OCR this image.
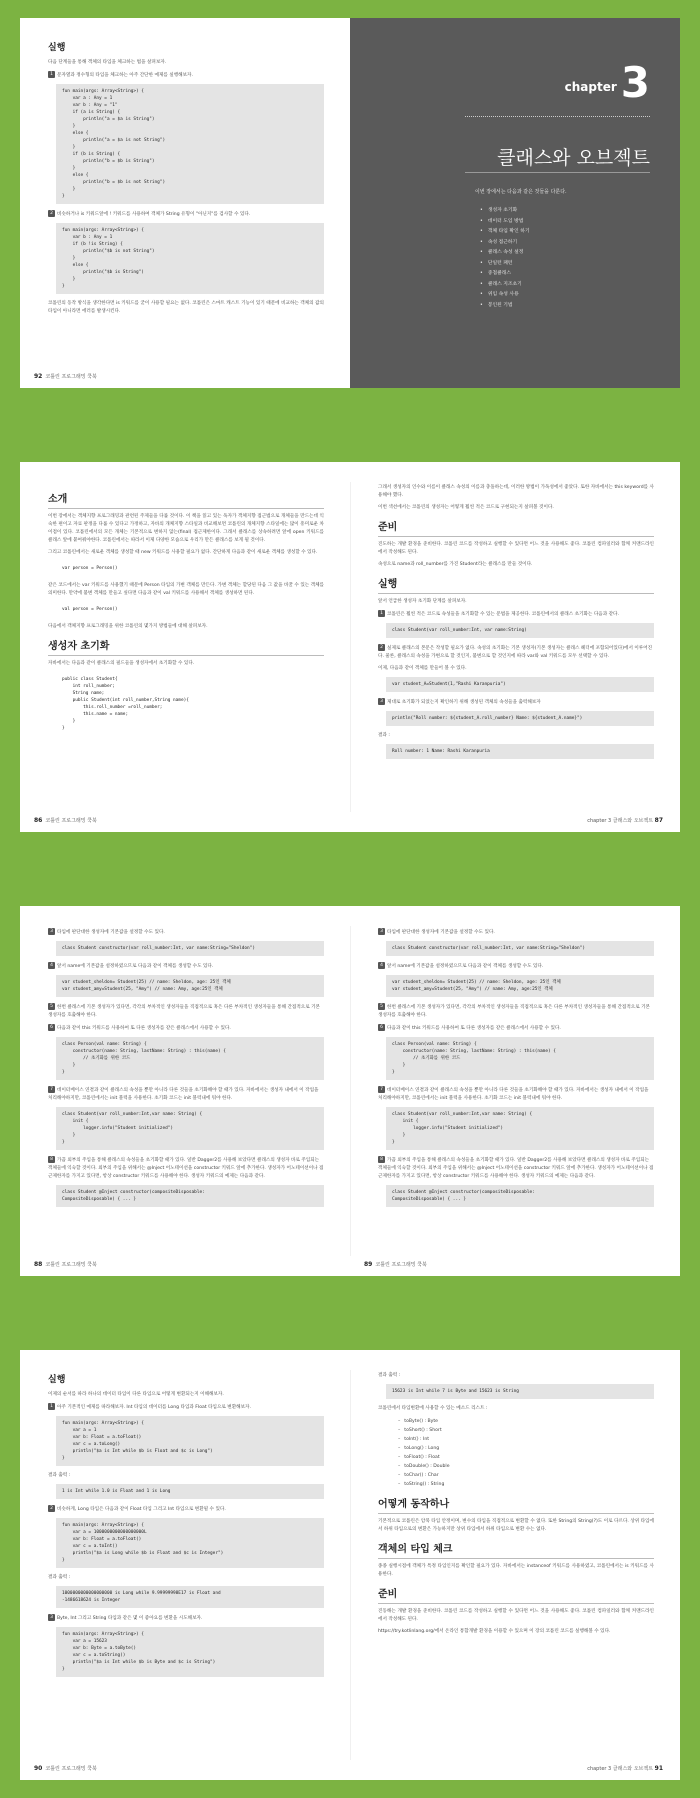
실행

다음 단계들을 통해 객체의 타입을 체크하는 법을 살펴보자.

1 문자열과 정수형의 타입을 체크하는 아주 간단한 예제를 실행해보자.
fun main(args: Array<String>) {
var a : Any = 1
var b : Any = "1"
if (a is String) {
println("a = $a is String")
}
else {
println("a = $a is not String")
}
if (b is String) {
println("b = $b is String")
}
else {
println("b = $b is not String")
}
}
2 비슷하거나 is 키워드앞에 ! 키워드를 사용하여 객체가 String 유형이 "아닌지"를 검사할 수 있다.
fun main(args: Array<String>) {
var b : Any = 1
if (b !is String) {
println("$b is not String")
}
else {
println("$b is String")
}
}

코틀린의 동작 방식을 생각한다면 is 키워드를 굳이 사용할 필요는 없다. 코틀린은 스마트 캐스트 기능이 있기 때문에 비교하는 객체의 값의 타입이 아니라면 에러를 발생시킨다.

92 코틀린 프로그래밍 쿡북
chapter3
클래스와 오브젝트
이번 장에서는 다음과 같은 것들을 다룬다.
• 생성자 초기화
• 데이터 도입 방법
• 객체 타입 확인 하기
• 속성 접근하기
• 클래스 속성 설정
• 단일턴 패턴
• 중첩클래스
• 클래스 지조초기
• 위임 속성 사용
• 봉인된 기법
소개

이번 장에서는 객체지향 프로그래밍과 관련된 주제들을 다룰 것이다. 이 책을 읽고 있는 독자가 객체지향 접근법으로 개체들을 만드는데 익숙한 편이고 자료 판정을 다룰 수 있다고 가정하고, 자바의 개체지향 스타일과 비교해보면 코틀린의 개체지향 스타일에는 많이 흥미로운 차이점이 있다. 코틀린에서의 모든 개체는 기본적으로 변하지 않는(final) 접근제한이다. 그래서 클래스를 상속하려면 앞에 open 키워드를 클래스 앞에 붙여줘야한다. 코틀린에서는 따라서 이제 다양한 모습으로 우리가 만든 클래스를 보게 될 것이다.

그리고 코틀린에서는 새로운 객체를 생성할 때 new 키워드를 사용할 필요가 없다. 간단하게 다음과 같이 새로운 객체를 생성할 수 있다.

var person = Person()

같은 코드에서는 var 키워드를 사용했기 때문에 Person 타입의 가변 객체를 만든다. 가변 객체는 할당된 다음 그 값을 바꿀 수 있는 객체를 의미한다. 만약에 불변 객체를 만들고 싶다면 다음과 같이 val 키워드를 사용해서 객체를 생성하면 된다.

val person = Person()

다음에서 객체지향 프로그래밍을 위한 코틀린의 몇가지 방법들에 대해 살펴보자.

생성자 초기화

자바에서는 다음과 같이 클래스의 필드들을 생성자에서 초기화할 수 있다.

public class Student{
int roll_number;
String name;
public Student(int roll_number,String name){
this.roll_number =roll_number;
this.name = name;
}
}
86 코틀린 프로그래밍 쿡북

그래서 생성자의 인수와 이름이 클래스 속성의 이름과 충돌하는데, 이러한 방법이 가독성에서 좋았다. 또한 자바에서는 this keyword를 사용해야 했다.

이번 섹션에서는 코틀린의 생성자는 어떻게 훨씬 적은 코드로 구현되는지 살펴볼 것이다.

준비

진도하는 개발 환경을 준비한다. 코틀린 코드를 작성하고 실행할 수 있다면 어느 것을 사용해도 좋다. 코틀린 컴파일러와 함께 커맨드라인에서 작성해도 된다.

속성으로 name과 roll_number를 가진 Student라는 클래스를 만들 것이다.

실행

앞서 언급한 생성자 초기화 단계를 살펴보자.

1 코틀린은 훨씬 적은 코드로 속성들을 초기화할 수 있는 문법을 제공한다. 코틀린에서의 클래스 초기화는 다음과 같다.
class Student(var roll_number:Int, var name:String)
2 실제로 클래스의 본문은 작성할 필요가 없다. 속성의 초기화는 기본 생성자(기본 생성자는 클래스 헤더에 포함되어있다)에서 이루어진다. 물론, 클래스의 속성을 가변으로 할 것인지, 불변으로 할 것인지에 따라 var와 val 키워드를 모두 선택할 수 있다.

이제, 다음과 같이 객체를 만들어 볼 수 있다.

var student_A=Student(1,"Rashi Karanpuria")
3 제대로 초기화가 되었는지 확인하기 위해 생성된 객체의 속성들을 출력해보자
println("Roll number: ${student_A.roll_number} Name: ${student_A.name}")

결과 :

Roll number: 1 Name: Rashi Karanpuria
chapter 3 클래스와 오브젝트 87
3 타입에 판단대한 생성자에 기본값을 설정할 수도 있다.
class Student constructor(var roll_number:Int, var name:String="Sheldon")
4 앞서 name에 기본값을 설정하였으므로 다음과 같이 객체를 생성할 수도 있다.
var student_sheldon= Student(25) // name: Sheldon, age: 25인 객체
var student_amy=Student(25, "Amy") // name: Amy, age:25인 객체
5 한번 클래스에 기본 생성자가 있다면, 각각의 부차적인 생성자들을 직접적으로 혹은 다른 부차적인 생성자들을 통해 간접적으로 기본 생성자를 호출해야 한다.
6 다음과 같이 this 키워드를 사용하여 또 다른 생성자를 같은 클래스에서 사용할 수 있다.
class Person(val name: String) {
constructor(name: String, lastName: String) : this(name) {
// 초기화를 위한 코드
}
}
7 데이터베이스 연결과 같이 클래스의 속성을 뿐만 아니라 다른 것들을 초기화해야 할 때가 있다. 자바에서는 생성자 내에서 이 작업을 처리해야하지만, 코틀린에서는 init 블럭을 사용한다. 초기화 코드는 init 블럭내에 둬야 한다.
class Student(var roll_number:Int,var name: String) {
init {
logger.info("Student initialized")
}
}
8 가끔 외부의 주입을 통해 클래스의 속성들을 초기화할 때가 있다. 일반 Dagger2를 사용해 보았다면 클래스의 생성자 바로 주입되는 객체들에 익숙할 것이다. 외부의 주입을 위해서는 @Inject 어노테이션을 constructor 키워드 앞에 추가한다. 생성자가 어노테이션이나 접근제한자를 가지고 있다면, 항상 constructor 키워드를 사용해야 한다. 생성자 키워드의 예제는 다음과 같다.
class Student @Inject constructor(compositeDisposable:
CompositeDisposable) { ... }
88 코틀린 프로그래밍 쿡북
3 타입에 판단대한 생성자에 기본값을 설정할 수도 있다.
class Student constructor(var roll_number:Int, var name:String="Sheldon")
4 앞서 name에 기본값을 설정하였으므로 다음과 같이 객체를 생성할 수도 있다.
var student_sheldon= Student(25) // name: Sheldon, age: 25인 객체
var student_amy=Student(25, "Amy") // name: Amy, age:25인 객체
5 한번 클래스에 기본 생성자가 있다면, 각각의 부차적인 생성자들을 직접적으로 혹은 다른 부차적인 생성자들을 통해 간접적으로 기본 생성자를 호출해야 한다.
6 다음과 같이 this 키워드를 사용하여 또 다른 생성자를 같은 클래스에서 사용할 수 있다.
class Person(val name: String) {
constructor(name: String, lastName: String) : this(name) {
// 초기화를 위한 코드
}
}
7 데이터베이스 연결과 같이 클래스의 속성을 뿐만 아니라 다른 것들을 초기화해야 할 때가 있다. 자바에서는 생성자 내에서 이 작업을 처리해야하지만, 코틀린에서는 init 블럭을 사용한다. 초기화 코드는 init 블럭내에 둬야 한다.
class Student(var roll_number:Int,var name: String) {
init {
logger.info("Student initialized")
}
}
8 가끔 외부의 주입을 통해 클래스의 속성들을 초기화할 때가 있다. 일반 Dagger2를 사용해 보았다면 클래스의 생성자 바로 주입되는 객체들에 익숙할 것이다. 외부의 주입을 위해서는 @Inject 어노테이션을 constructor 키워드 앞에 추가한다. 생성자가 어노테이션이나 접근제한자를 가지고 있다면, 항상 constructor 키워드를 사용해야 한다. 생성자 키워드의 예제는 다음과 같다.
class Student @Inject constructor(compositeDisposable:
CompositeDisposable) { ... }
89 코틀린 프로그래밍 쿡북
실행

이제의 순서를 따라 하나의 데이터 타입이 다른 타입으로 어떻게 변환되는지 이해해보자.

1 아주 기본적인 예제를 따라해보자. Int 타입의 데이터를 Long 타입과 Float 타입으로 변환해보자.
fun main(args: Array<String>) {
var a = 1
var b: Float = a.toFloat()
var c = a.toLong()
println("$a is Int while $b is Float and $c is Long")
}

결과 출력 :

1 is Int while 1.0 is Float and 1 is Long
2 비슷하게, Long 타입은 다음과 같이 Float 타입 그리고 Int 타입으로 변환될 수 있다.
fun main(args: Array<String>) {
var a = 1000000000000000000L
var b: Float = a.toFloat()
var c = a.toInt()
println("$a is Long while $b is Float and $c is Integer")
}

결과 출력 :

1000000000000000000 is Long while 9.99999998E17 is Float and
-1486618624 is Integer
3 Byte, Int 그리고 String 타입과 같은 몇 이 좋아요를 변환을 시도해보자.
fun main(args: Array<String>) {
var a = 15623
var b: Byte = a.toByte()
var c = a.toString()
println("$a is Int while $b is Byte and $c is String")
}
90 코틀린 프로그래밍 쿡북

결과 출력 :

15623 is Int while 7 is Byte and 15623 is String

코틀린에서 타입변환에 사용할 수 있는 메소드 리스트 :

– toByte() : Byte
– toShort() : Short
– toInt() : Int
– toLong() : Long
– toFloat() : Float
– toDouble() : Double
– toChar() : Char
– toString() : String
어떻게 동작하나

기본적으로 코틀린은 암묵 타입 안정이며, 변수의 타입을 직접적으로 변환할 수 없다. 또한 String의 String(?)도 이로 다르다. 상위 타입에서 하위 타입으로의 변환은 가능하지만 상위 타입에서 하위 타입으로 변환 수는 없다.

객체의 타입 체크

종종 실행시점에 객체가 특정 타입인지를 확인할 필요가 있다. 자바에서는 instanceof 키워드를 사용하였고, 코틀린에서는 is 키워드를 사용한다.

준비

진동해는 개발 환경을 준비한다. 코틀린 코드를 작성하고 실행할 수 있다면 어느 것을 사용해도 좋다. 코틀린 컴파일러와 함께 커맨드라인에서 작성해도 된다.

https://try.kotlinlang.org/에서 온라인 통합개발 환경을 이용할 수 있으며 이 장의 코틀린 코드를 실행해볼 수 있다.

chapter 3 클래스와 오브젝트 91
